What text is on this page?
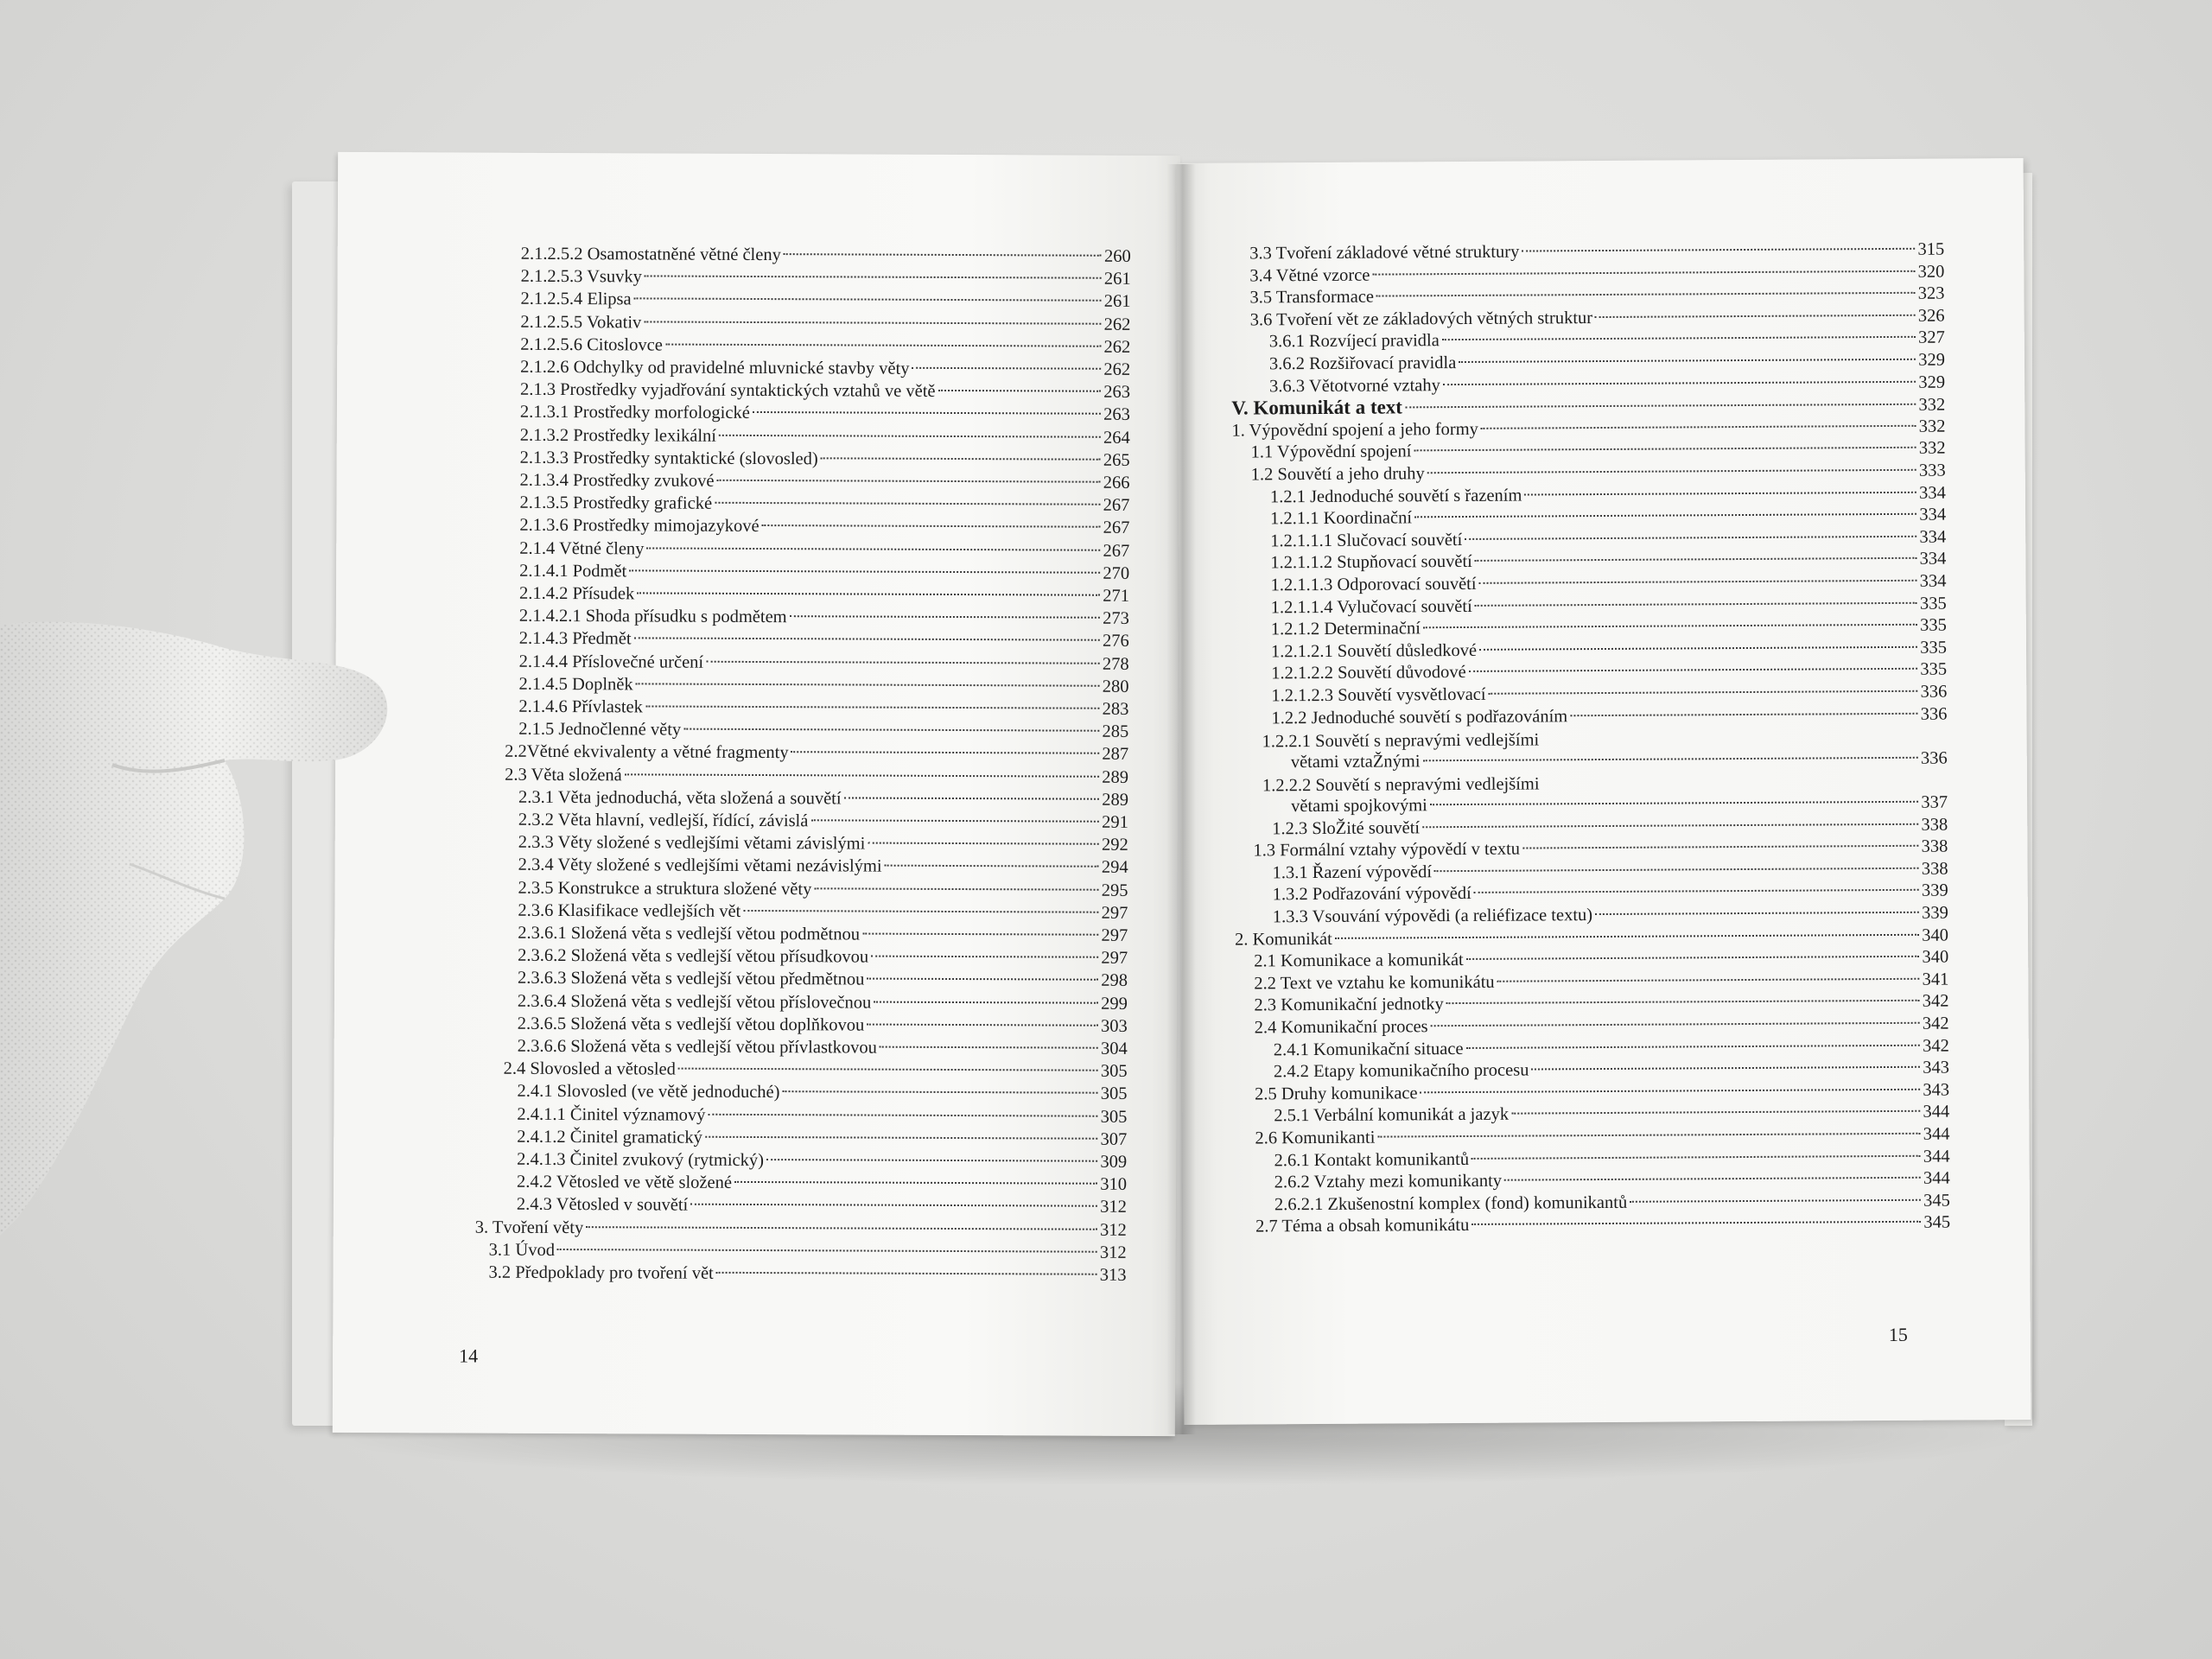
2.1.2.5.2 Osamostatněné větné členy	260
2.1.2.5.3 Vsuvky	261
2.1.2.5.4 Elipsa	261
2.1.2.5.5 Vokativ	262
2.1.2.5.6 Citoslovce	262
2.1.2.6 Odchylky od pravidelné mluvnické stavby věty	262
2.1.3 Prostředky vyjadřování syntaktických vztahů ve větě	263
2.1.3.1 Prostředky morfologické	263
2.1.3.2 Prostředky lexikální	264
2.1.3.3 Prostředky syntaktické (slovosled)	265
2.1.3.4 Prostředky zvukové	266
2.1.3.5 Prostředky grafické	267
2.1.3.6 Prostředky mimojazykové	267
2.1.4 Větné členy	267
2.1.4.1 Podmět	270
2.1.4.2 Přísudek	271
2.1.4.2.1 Shoda přísudku s podmětem	273
2.1.4.3 Předmět	276
2.1.4.4 Příslovečné určení	278
2.1.4.5 Doplněk	280
2.1.4.6 Přívlastek	283
2.1.5 Jednočlenné věty	285
2.2Větné ekvivalenty a větné fragmenty	287
2.3 Věta složená	289
2.3.1 Věta jednoduchá, věta složená a souvětí	289
2.3.2 Věta hlavní, vedlejší, řídící, závislá	291
2.3.3 Věty složené s vedlejšími větami závislými	292
2.3.4 Věty složené s vedlejšími větami nezávislými	294
2.3.5 Konstrukce a struktura složené věty	295
2.3.6 Klasifikace vedlejších vět	297
2.3.6.1 Složená věta s vedlejší větou podmětnou	297
2.3.6.2 Složená věta s vedlejší větou přísudkovou	297
2.3.6.3 Složená věta s vedlejší větou předmětnou	298
2.3.6.4 Složená věta s vedlejší větou příslovečnou	299
2.3.6.5 Složená věta s vedlejší větou doplňkovou	303
2.3.6.6 Složená věta s vedlejší větou přívlastkovou	304
2.4 Slovosled a větosled	305
2.4.1 Slovosled (ve větě jednoduché)	305
2.4.1.1 Činitel významový	305
2.4.1.2 Činitel gramatický	307
2.4.1.3 Činitel zvukový (rytmický)	309
2.4.2 Větosled ve větě složené	310
2.4.3 Větosled v souvětí	312
3. Tvoření věty	312
3.1 Úvod	312
3.2 Předpoklady pro tvoření vět	313
14
3.3 Tvoření základové větné struktury	315
3.4 Větné vzorce	320
3.5 Transformace	323
3.6 Tvoření vět ze základových větných struktur	326
3.6.1 Rozvíjecí pravidla	327
3.6.2 Rozšiřovací pravidla	329
3.6.3 Větotvorné vztahy	329
V. Komunikát a text	332
1. Výpovědní spojení a jeho formy	332
1.1 Výpovědní spojení	332
1.2 Souvětí a jeho druhy	333
1.2.1 Jednoduché souvětí s řazením	334
1.2.1.1 Koordinační	334
1.2.1.1.1 Slučovací souvětí	334
1.2.1.1.2 Stupňovací souvětí	334
1.2.1.1.3 Odporovací souvětí	334
1.2.1.1.4 Vylučovací souvětí	335
1.2.1.2 Determinační	335
1.2.1.2.1 Souvětí důsledkové	335
1.2.1.2.2 Souvětí důvodové	335
1.2.1.2.3 Souvětí vysvětlovací	336
1.2.2 Jednoduché souvětí s podřazováním	336
1.2.2.1 Souvětí s nepravými vedlejšími
větami vztaŽnými	336
1.2.2.2 Souvětí s nepravými vedlejšími
větami spojkovými	337
1.2.3 SloŽité souvětí	338
1.3 Formální vztahy výpovědí v textu	338
1.3.1 Řazení výpovědí	338
1.3.2 Podřazování výpovědí	339
1.3.3 Vsouvání výpovědi (a reliéfizace textu)	339
2. Komunikát	340
2.1 Komunikace a komunikát	340
2.2 Text ve vztahu ke komunikátu	341
2.3 Komunikační jednotky	342
2.4 Komunikační proces	342
2.4.1 Komunikační situace	342
2.4.2 Etapy komunikačního procesu	343
2.5 Druhy komunikace	343
2.5.1 Verbální komunikát a jazyk	344
2.6 Komunikanti	344
2.6.1 Kontakt komunikantů	344
2.6.2 Vztahy mezi komunikanty	344
2.6.2.1 Zkušenostní komplex (fond) komunikantů	345
2.7 Téma a obsah komunikátu	345
15
